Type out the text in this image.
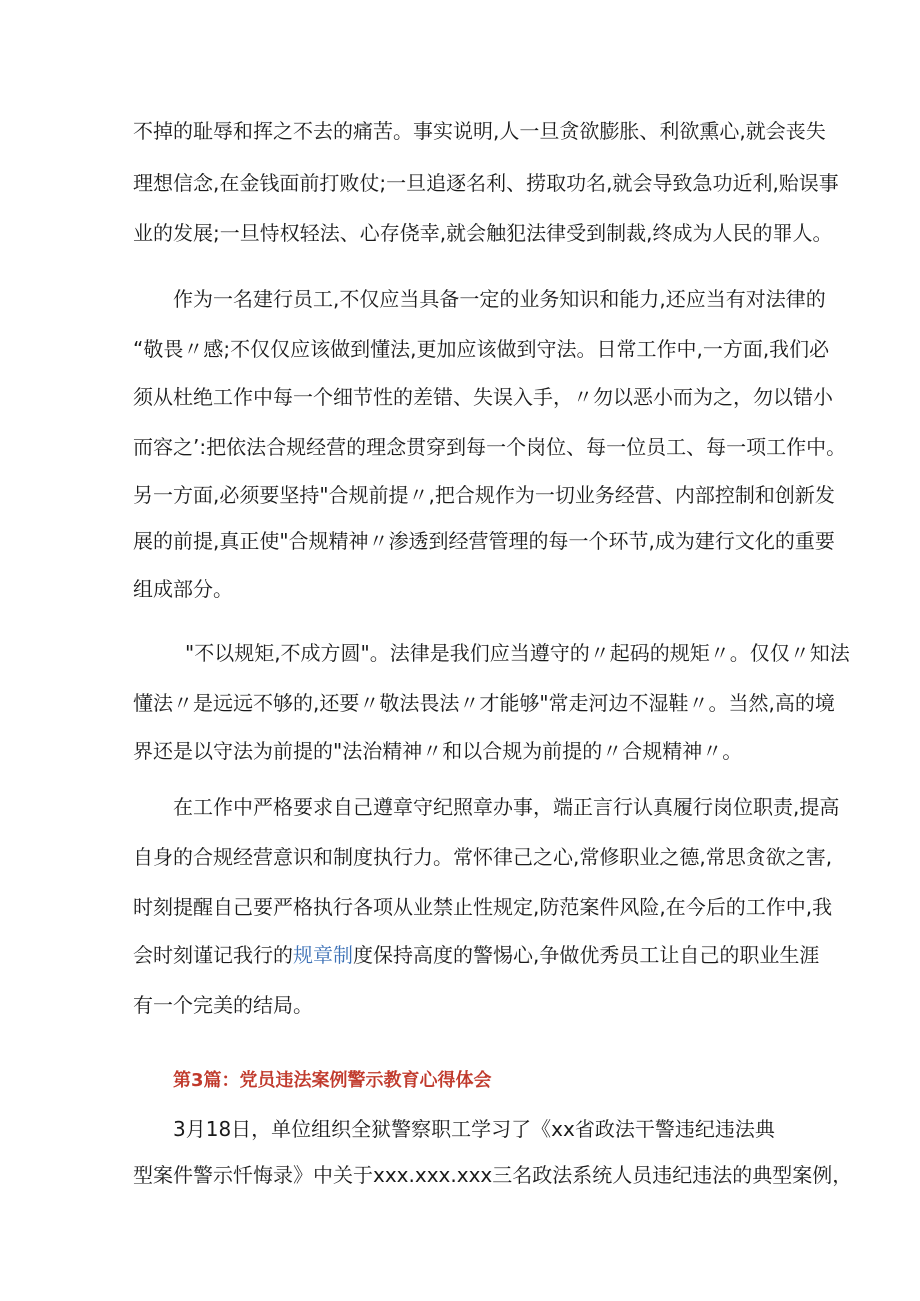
不掉的耻辱和挥之不去的痛苦。事实说明,人一旦贪欲膨胀、利欲熏心,就会丧失
理想信念,在金钱面前打败仗;一旦追逐名利、捞取功名,就会导致急功近利,贻误事
业的发展;一旦恃权轻法、心存侥幸,就会触犯法律受到制裁,终成为人民的罪人。
作为一名建行员工,不仅应当具备一定的业务知识和能力,还应当有对法律的
“敬畏〃感;不仅仅应该做到懂法,更加应该做到守法。日常工作中,一方面,我们必
须从杜绝工作中每一个细节性的差错、失误入手，〃勿以恶小而为之，勿以错小
而容之’:把依法合规经营的理念贯穿到每一个岗位、每一位员工、每一项工作中。
另一方面,必须要坚持"合规前提〃,把合规作为一切业务经营、内部控制和创新发
展的前提,真正使"合规精神〃渗透到经营管理的每一个环节,成为建行文化的重要
组成部分。
"不以规矩,不成方圆"。法律是我们应当遵守的〃起码的规矩〃。仅仅〃知法
懂法〃是远远不够的,还要〃敬法畏法〃才能够"常走河边不湿鞋〃。当然,高的境
界还是以守法为前提的"法治精神〃和以合规为前提的〃合规精神〃。
在工作中严格要求自己遵章守纪照章办事，端正言行认真履行岗位职责,提高
自身的合规经营意识和制度执行力。常怀律己之心,常修职业之德,常思贪欲之害,
时刻提醒自己要严格执行各项从业禁止性规定,防范案件风险,在今后的工作中,我
会时刻谨记我行的规章制度保持高度的警惕心,争做优秀员工让自己的职业生涯
有一个完美的结局。
第3篇：党员违法案例警示教育心得体会
3月18日，单位组织全狱警察职工学习了《xx省政法干警违纪违法典
型案件警示忏悔录》中关于xxx.xxx.xxx三名政法系统人员违纪违法的典型案例，
